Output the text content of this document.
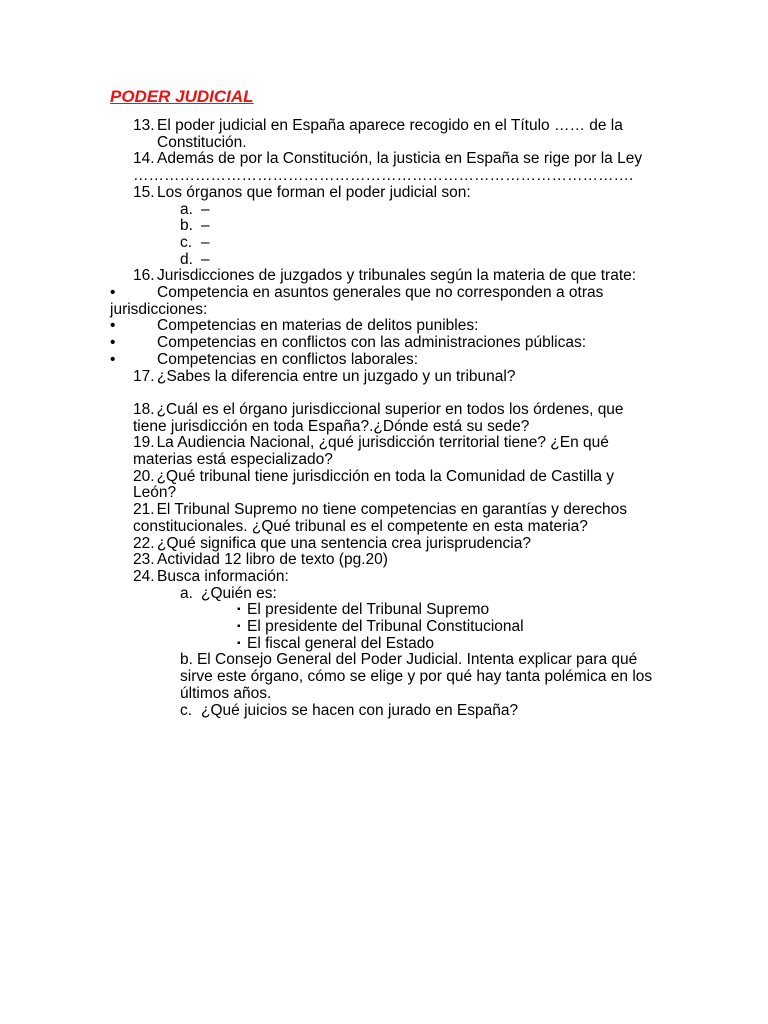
PODER JUDICIAL
13. El poder judicial en España aparece recogido en el Título …… de la Constitución.
14. Además de por la Constitución, la justicia en España se rige por la Ley …………………………………………………………………………………….
15. Los órganos que forman el poder judicial son:
a. –
b. –
c. –
d. –
16. Jurisdicciones de juzgados y tribunales según la materia de que trate:
•	Competencia en asuntos generales que no corresponden a otras
jurisdicciones:
•	Competencias en materias de delitos punibles:
•	Competencias en conflictos con las administraciones públicas:
•	Competencias en conflictos laborales:
17. ¿Sabes la diferencia entre un juzgado y un tribunal?
18. ¿Cuál es el órgano jurisdiccional superior en todos los órdenes, que tiene jurisdicción en toda España?.¿Dónde está su sede?
19. La Audiencia Nacional, ¿qué jurisdicción territorial tiene? ¿En qué materias está especializado?
20. ¿Qué tribunal tiene jurisdicción en toda la Comunidad de Castilla y León?
21. El Tribunal Supremo no tiene competencias en garantías y derechos constitucionales. ¿Qué tribunal es el competente en esta materia?
22. ¿Qué significa que una sentencia crea jurisprudencia?
23. Actividad 12 libro de texto (pg.20)
24. Busca información:
a. ¿Quién es:
▪ El presidente del Tribunal Supremo
▪ El presidente del Tribunal Constitucional
▪ El fiscal general del Estado
b. El Consejo General del Poder Judicial. Intenta explicar para qué sirve este órgano, cómo se elige y por qué hay tanta polémica en los últimos años.
c. ¿Qué juicios se hacen con jurado en España?
